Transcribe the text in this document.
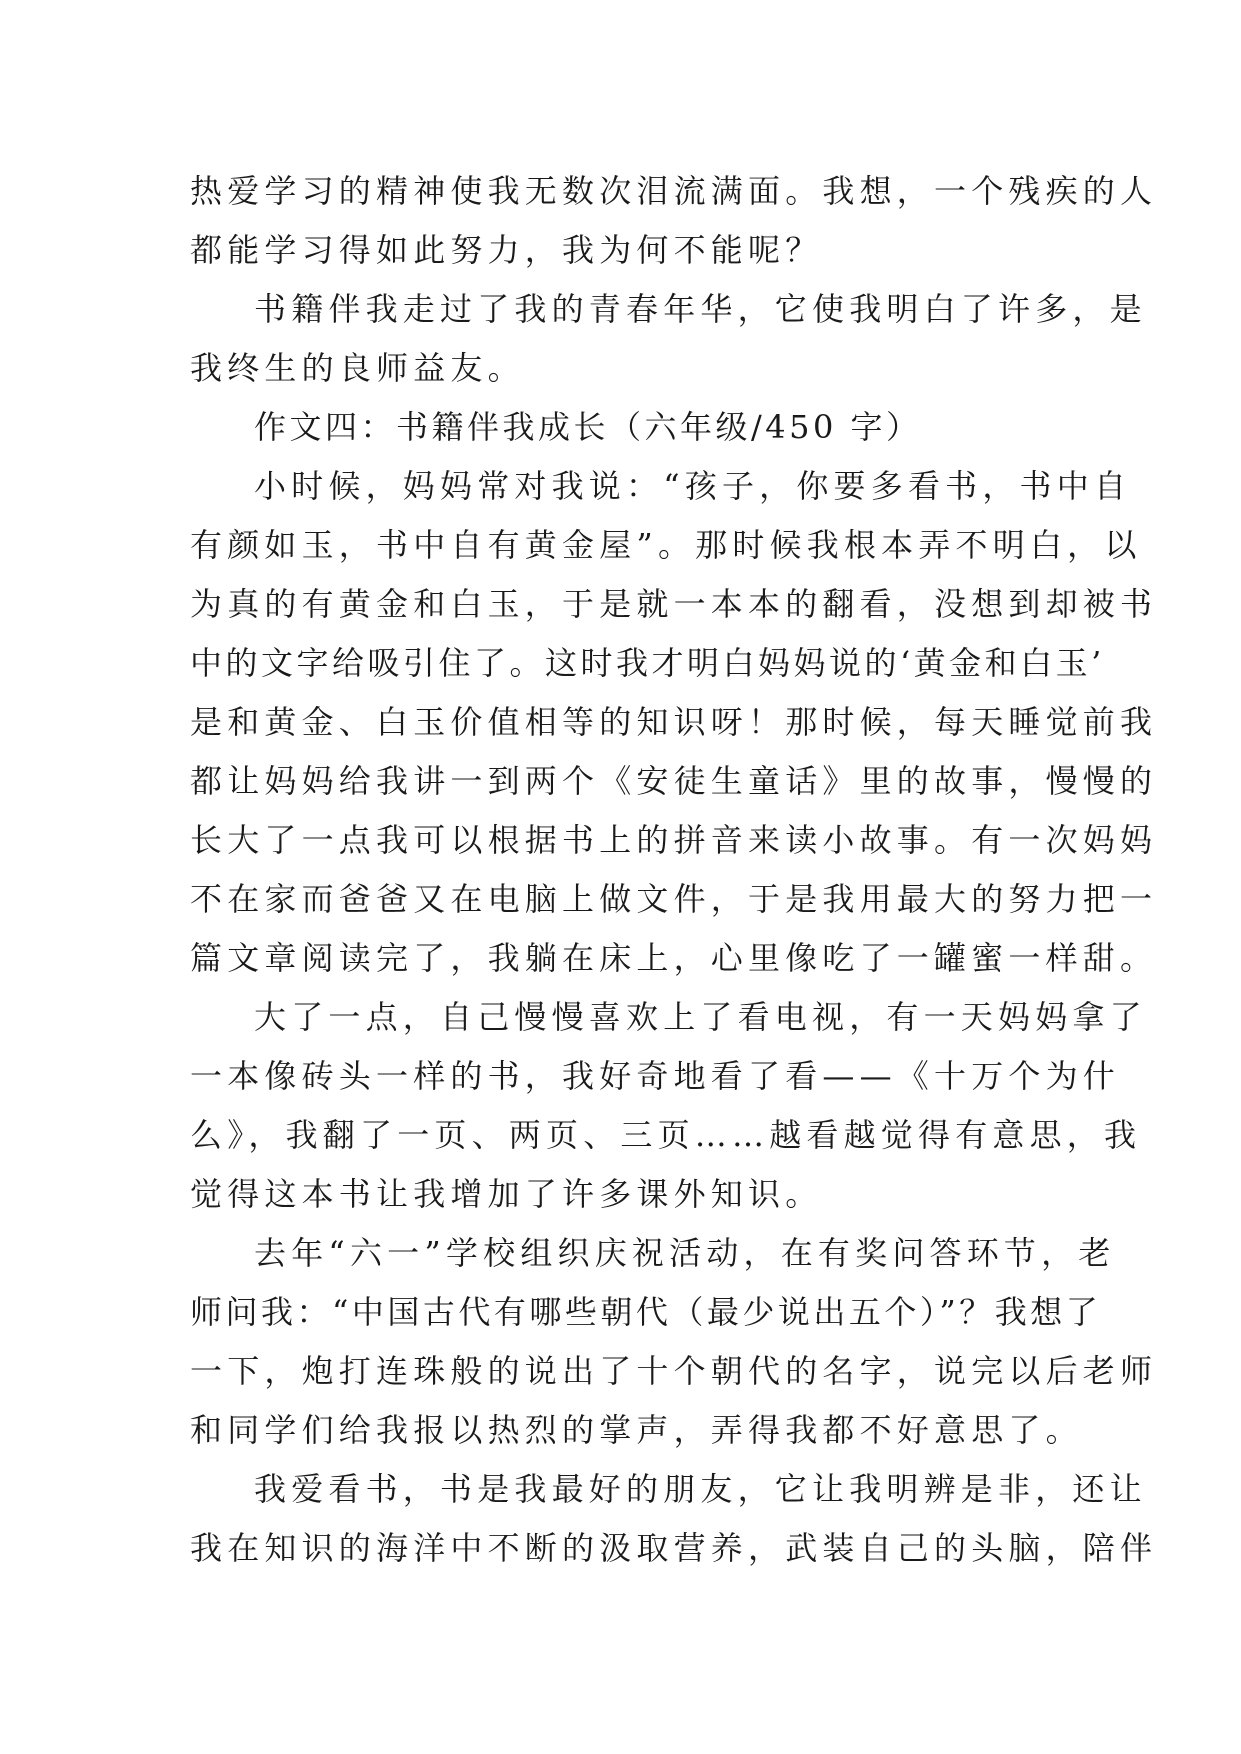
热爱学习的精神使我无数次泪流满面。我想，一个残疾的人
都能学习得如此努力，我为何不能呢？
书籍伴我走过了我的青春年华，它使我明白了许多，是
我终生的良师益友。
作文四：书籍伴我成长（六年级/450 字）
小时候，妈妈常对我说：“孩子，你要多看书，书中自
有颜如玉，书中自有黄金屋”。那时候我根本弄不明白，以
为真的有黄金和白玉，于是就一本本的翻看，没想到却被书
中的文字给吸引住了。这时我才明白妈妈说的‘黄金和白玉’
是和黄金、白玉价值相等的知识呀！那时候，每天睡觉前我
都让妈妈给我讲一到两个《安徒生童话》里的故事，慢慢的
长大了一点我可以根据书上的拼音来读小故事。有一次妈妈
不在家而爸爸又在电脑上做文件，于是我用最大的努力把一
篇文章阅读完了，我躺在床上，心里像吃了一罐蜜一样甜。
大了一点，自己慢慢喜欢上了看电视，有一天妈妈拿了
一本像砖头一样的书，我好奇地看了看——《十万个为什
么》，我翻了一页、两页、三页……越看越觉得有意思，我
觉得这本书让我增加了许多课外知识。
去年“六一”学校组织庆祝活动，在有奖问答环节，老
师问我：“中国古代有哪些朝代（最少说出五个）”？我想了
一下，炮打连珠般的说出了十个朝代的名字，说完以后老师
和同学们给我报以热烈的掌声，弄得我都不好意思了。
我爱看书，书是我最好的朋友，它让我明辨是非，还让
我在知识的海洋中不断的汲取营养，武装自己的头脑，陪伴
